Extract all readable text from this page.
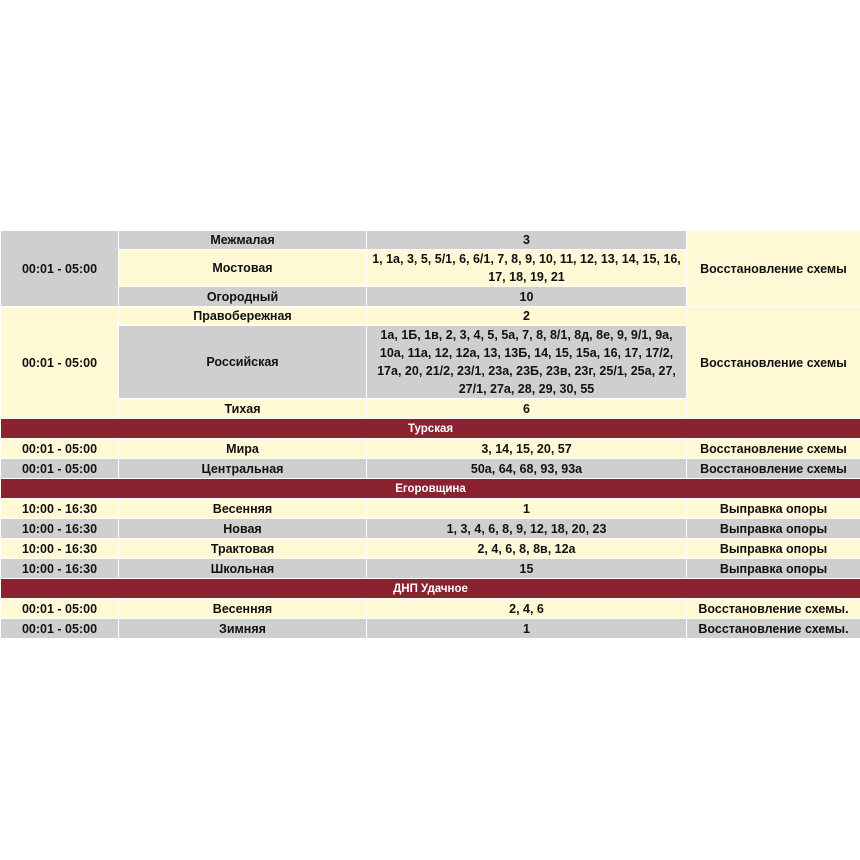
00:01 - 05:00	Межмалая	3	Восстановление схемы
	Мостовая	1, 1а, 3, 5, 5/1, 6, 6/1, 7, 8, 9, 10, 11, 12, 13, 14, 15, 16, 17, 18, 19, 21	
	Огородный	10	
00:01 - 05:00	Правобережная	2	Восстановление схемы
	Российская	1а, 1Б, 1в, 2, 3, 4, 5, 5а, 7, 8, 8/1, 8д, 8е, 9, 9/1, 9а, 10а, 11а, 12, 12а, 13, 13Б, 14, 15, 15а, 16, 17, 17/2, 17а, 20, 21/2, 23/1, 23а, 23Б, 23в, 23г, 25/1, 25а, 27, 27/1, 27а, 28, 29, 30, 55	
	Тихая	6	
Турская			
00:01 - 05:00	Мира	3, 14, 15, 20, 57	Восстановление схемы
00:01 - 05:00	Центральная	50а, 64, 68, 93, 93а	Восстановление схемы
Егоровщина			
10:00 - 16:30	Весенняя	1	Выправка опоры
10:00 - 16:30	Новая	1, 3, 4, 6, 8, 9, 12, 18, 20, 23	Выправка опоры
10:00 - 16:30	Трактовая	2, 4, 6, 8, 8в, 12а	Выправка опоры
10:00 - 16:30	Школьная	15	Выправка опоры
ДНП Удачное			
00:01 - 05:00	Весенняя	2, 4, 6	Восстановление схемы.
00:01 - 05:00	Зимняя	1	Восстановление схемы.
